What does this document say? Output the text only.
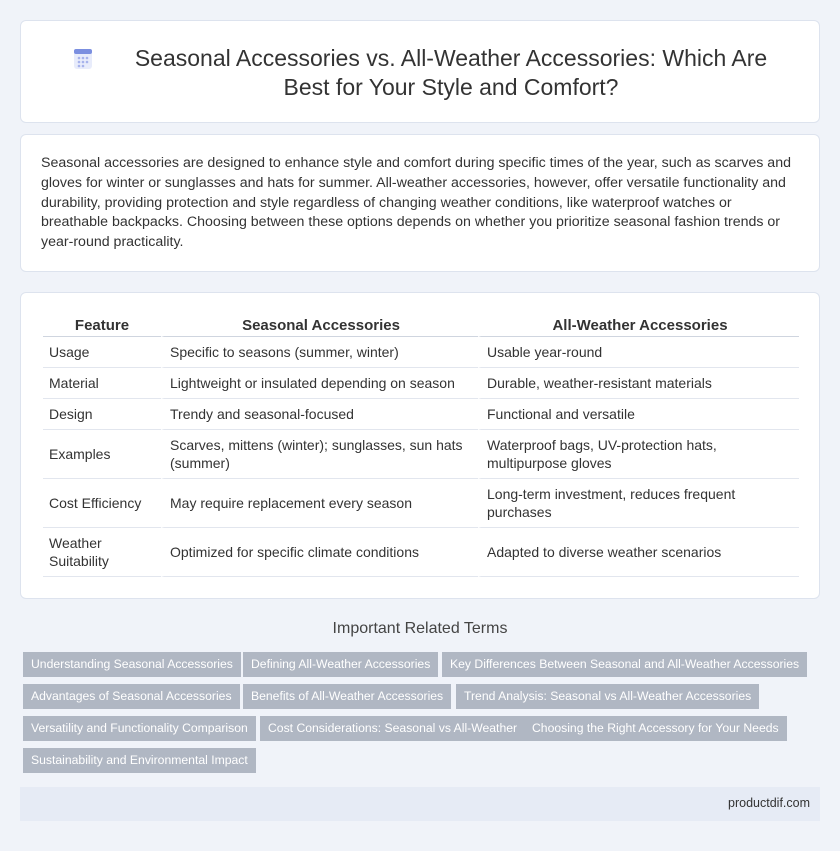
Seasonal Accessories vs. All-Weather Accessories: Which Are Best for Your Style and Comfort?

Seasonal accessories are designed to enhance style and comfort during specific times of the year, such as scarves and gloves for winter or sunglasses and hats for summer. All-weather accessories, however, offer versatile functionality and durability, providing protection and style regardless of changing weather conditions, like waterproof watches or breathable backpacks. Choosing between these options depends on whether you prioritize seasonal fashion trends or year-round practicality.

Feature	Seasonal Accessories	All-Weather Accessories
Usage	Specific to seasons (summer, winter)	Usable year-round
Material	Lightweight or insulated depending on season	Durable, weather-resistant materials
Design	Trendy and seasonal-focused	Functional and versatile
Examples	Scarves, mittens (winter); sunglasses, sun hats (summer)	Waterproof bags, UV-protection hats, multipurpose gloves
Cost Efficiency	May require replacement every season	Long-term investment, reduces frequent purchases
Weather Suitability	Optimized for specific climate conditions	Adapted to diverse weather scenarios
Important Related Terms
Understanding Seasonal Accessories	Defining All-Weather Accessories	Key Differences Between Seasonal and All-Weather Accessories
Advantages of Seasonal Accessories	Benefits of All-Weather Accessories	Trend Analysis: Seasonal vs All-Weather Accessories
Versatility and Functionality Comparison	Cost Considerations: Seasonal vs All-Weather	Choosing the Right Accessory for Your Needs
Sustainability and Environmental Impact
productdif.com
